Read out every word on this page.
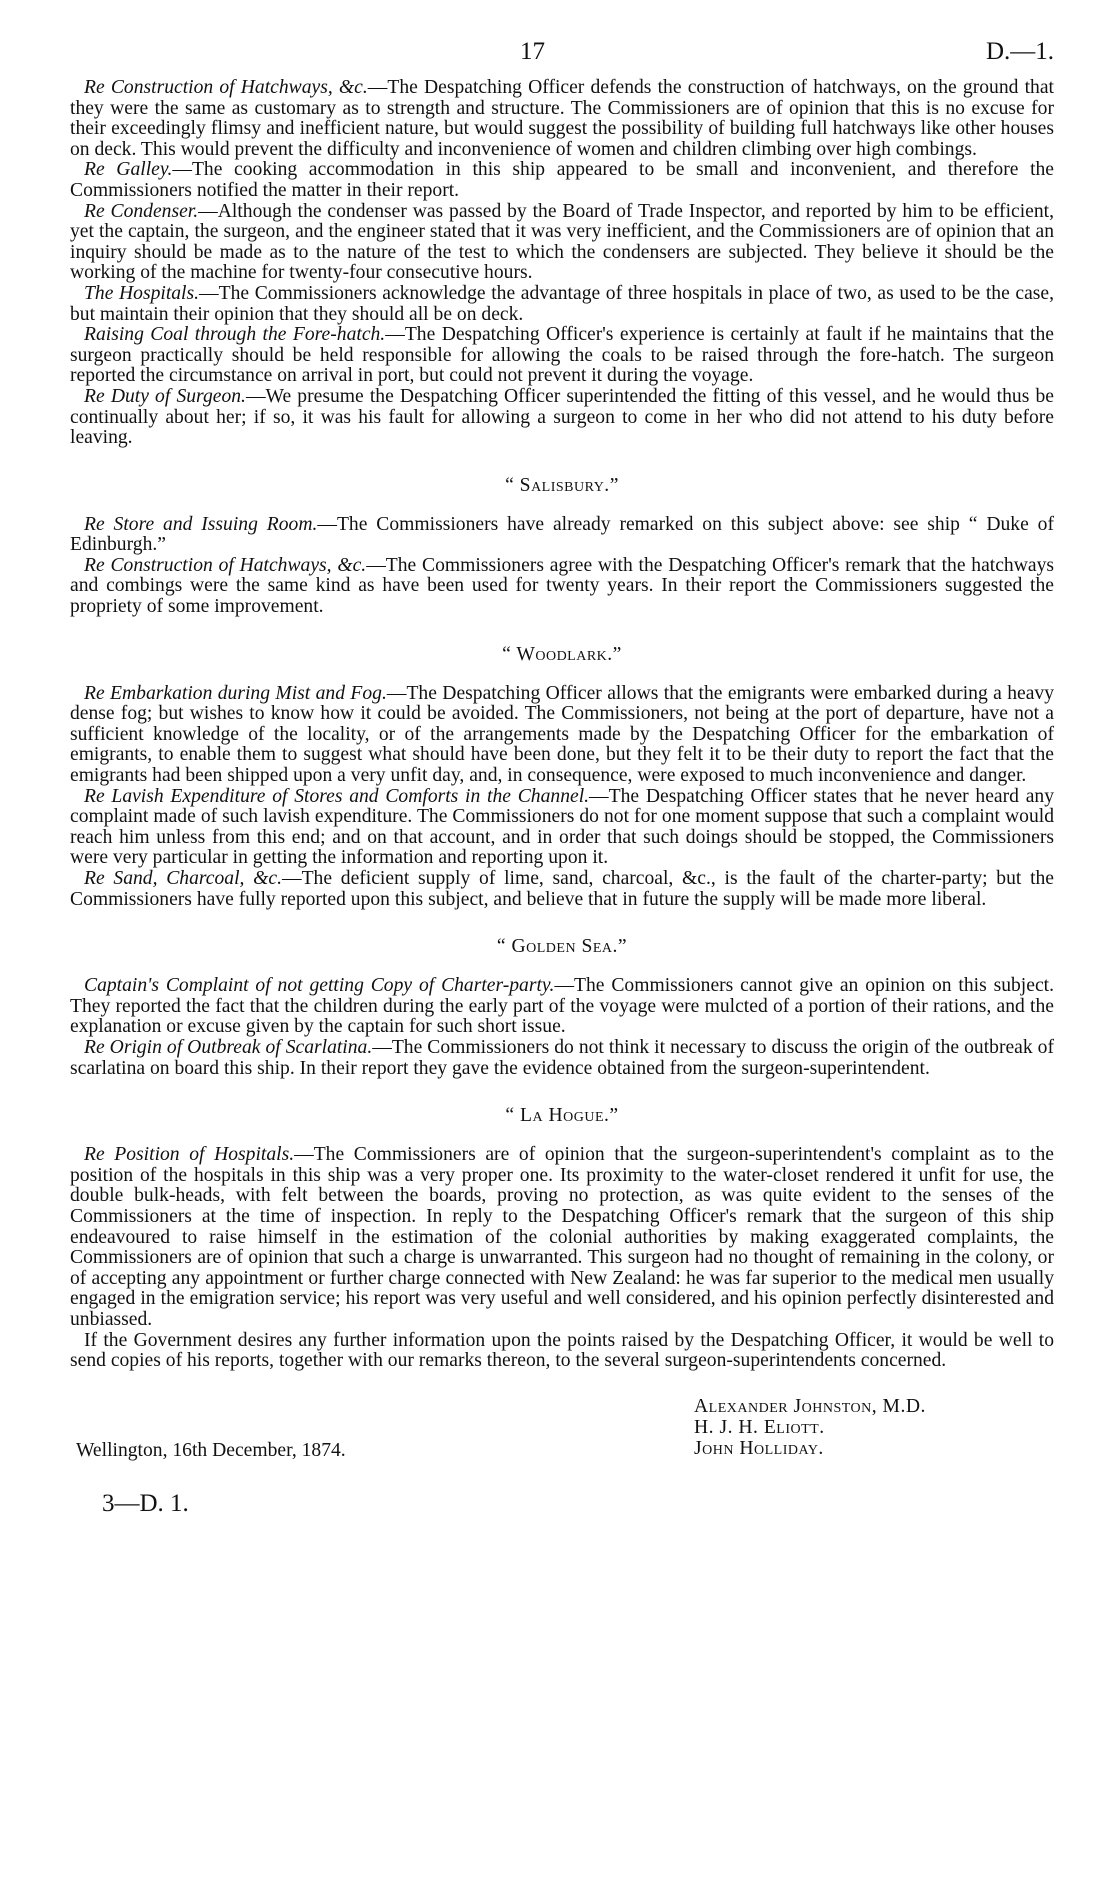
17	D.—1.

Re Construction of Hatchways, &c.—The Despatching Officer defends the construction of hatchways, on the ground that they were the same as customary as to strength and structure. The Commissioners are of opinion that this is no excuse for their exceedingly flimsy and inefficient nature, but would suggest the possibility of building full hatchways like other houses on deck. This would prevent the difficulty and inconvenience of women and children climbing over high combings.

Re Galley.—The cooking accommodation in this ship appeared to be small and inconvenient, and therefore the Commissioners notified the matter in their report.

Re Condenser.—Although the condenser was passed by the Board of Trade Inspector, and reported by him to be efficient, yet the captain, the surgeon, and the engineer stated that it was very inefficient, and the Commissioners are of opinion that an inquiry should be made as to the nature of the test to which the condensers are subjected. They believe it should be the working of the machine for twenty-four consecutive hours.

The Hospitals.—The Commissioners acknowledge the advantage of three hospitals in place of two, as used to be the case, but maintain their opinion that they should all be on deck.

Raising Coal through the Fore-hatch.—The Despatching Officer's experience is certainly at fault if he maintains that the surgeon practically should be held responsible for allowing the coals to be raised through the fore-hatch. The surgeon reported the circumstance on arrival in port, but could not prevent it during the voyage.

Re Duty of Surgeon.—We presume the Despatching Officer superintended the fitting of this vessel, and he would thus be continually about her; if so, it was his fault for allowing a surgeon to come in her who did not attend to his duty before leaving.

“ Salisbury.”

Re Store and Issuing Room.—The Commissioners have already remarked on this subject above: see ship “ Duke of Edinburgh.”

Re Construction of Hatchways, &c.—The Commissioners agree with the Despatching Officer's remark that the hatchways and combings were the same kind as have been used for twenty years. In their report the Commissioners suggested the propriety of some improvement.

“ Woodlark.”

Re Embarkation during Mist and Fog.—The Despatching Officer allows that the emigrants were embarked during a heavy dense fog; but wishes to know how it could be avoided. The Commissioners, not being at the port of departure, have not a sufficient knowledge of the locality, or of the arrangements made by the Despatching Officer for the embarkation of emigrants, to enable them to suggest what should have been done, but they felt it to be their duty to report the fact that the emigrants had been shipped upon a very unfit day, and, in consequence, were exposed to much inconvenience and danger.

Re Lavish Expenditure of Stores and Comforts in the Channel.—The Despatching Officer states that he never heard any complaint made of such lavish expenditure. The Commissioners do not for one moment suppose that such a complaint would reach him unless from this end; and on that account, and in order that such doings should be stopped, the Commissioners were very particular in getting the information and reporting upon it.

Re Sand, Charcoal, &c.—The deficient supply of lime, sand, charcoal, &c., is the fault of the charter-party; but the Commissioners have fully reported upon this subject, and believe that in future the supply will be made more liberal.

“ Golden Sea.”

Captain's Complaint of not getting Copy of Charter-party.—The Commissioners cannot give an opinion on this subject. They reported the fact that the children during the early part of the voyage were mulcted of a portion of their rations, and the explanation or excuse given by the captain for such short issue.

Re Origin of Outbreak of Scarlatina.—The Commissioners do not think it necessary to discuss the origin of the outbreak of scarlatina on board this ship. In their report they gave the evidence obtained from the surgeon-superintendent.

“ La Hogue.”

Re Position of Hospitals.—The Commissioners are of opinion that the surgeon-superintendent's complaint as to the position of the hospitals in this ship was a very proper one. Its proximity to the water-closet rendered it unfit for use, the double bulk-heads, with felt between the boards, proving no protection, as was quite evident to the senses of the Commissioners at the time of inspection. In reply to the Despatching Officer's remark that the surgeon of this ship endeavoured to raise himself in the estimation of the colonial authorities by making exaggerated complaints, the Commissioners are of opinion that such a charge is unwarranted. This surgeon had no thought of remaining in the colony, or of accepting any appointment or further charge connected with New Zealand: he was far superior to the medical men usually engaged in the emigration service; his report was very useful and well considered, and his opinion perfectly disinterested and unbiassed.

If the Government desires any further information upon the points raised by the Despatching Officer, it would be well to send copies of his reports, together with our remarks thereon, to the several surgeon-superintendents concerned.

Alexander Johnston, M.D.
H. J. H. Eliott.
John Holliday.
Wellington, 16th December, 1874.
3—D. 1.
